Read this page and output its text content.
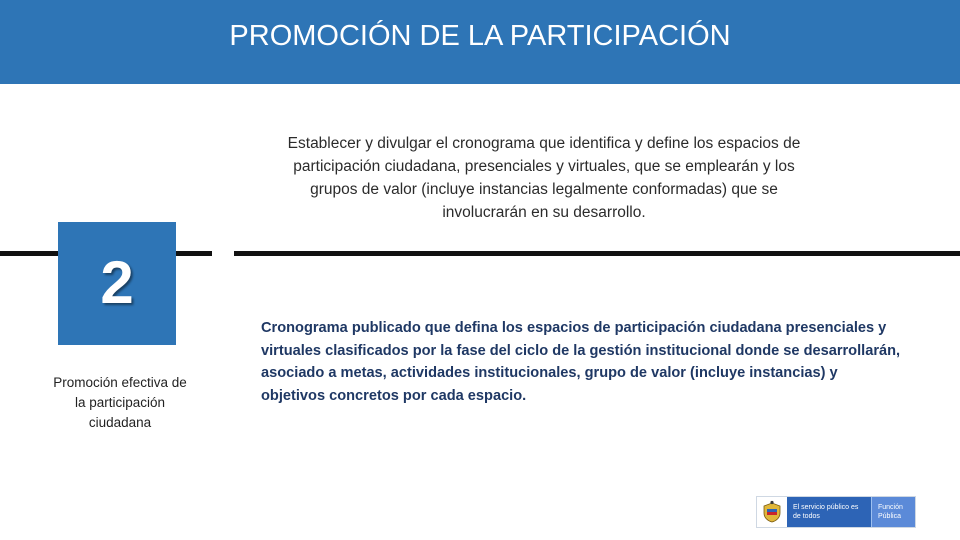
PROMOCIÓN DE LA PARTICIPACIÓN
Establecer y divulgar el cronograma que identifica y define los espacios de participación ciudadana, presenciales y virtuales, que se emplearán y los grupos de valor (incluye instancias legalmente conformadas) que se involucrarán en su desarrollo.
2
Promoción efectiva de la participación ciudadana
Cronograma publicado que defina los espacios de participación ciudadana presenciales y virtuales clasificados por la fase del ciclo de la gestión institucional donde se desarrollarán, asociado a metas, actividades institucionales, grupo de valor (incluye instancias) y objetivos concretos por cada espacio.
El servicio público es de todos
Función Pública
